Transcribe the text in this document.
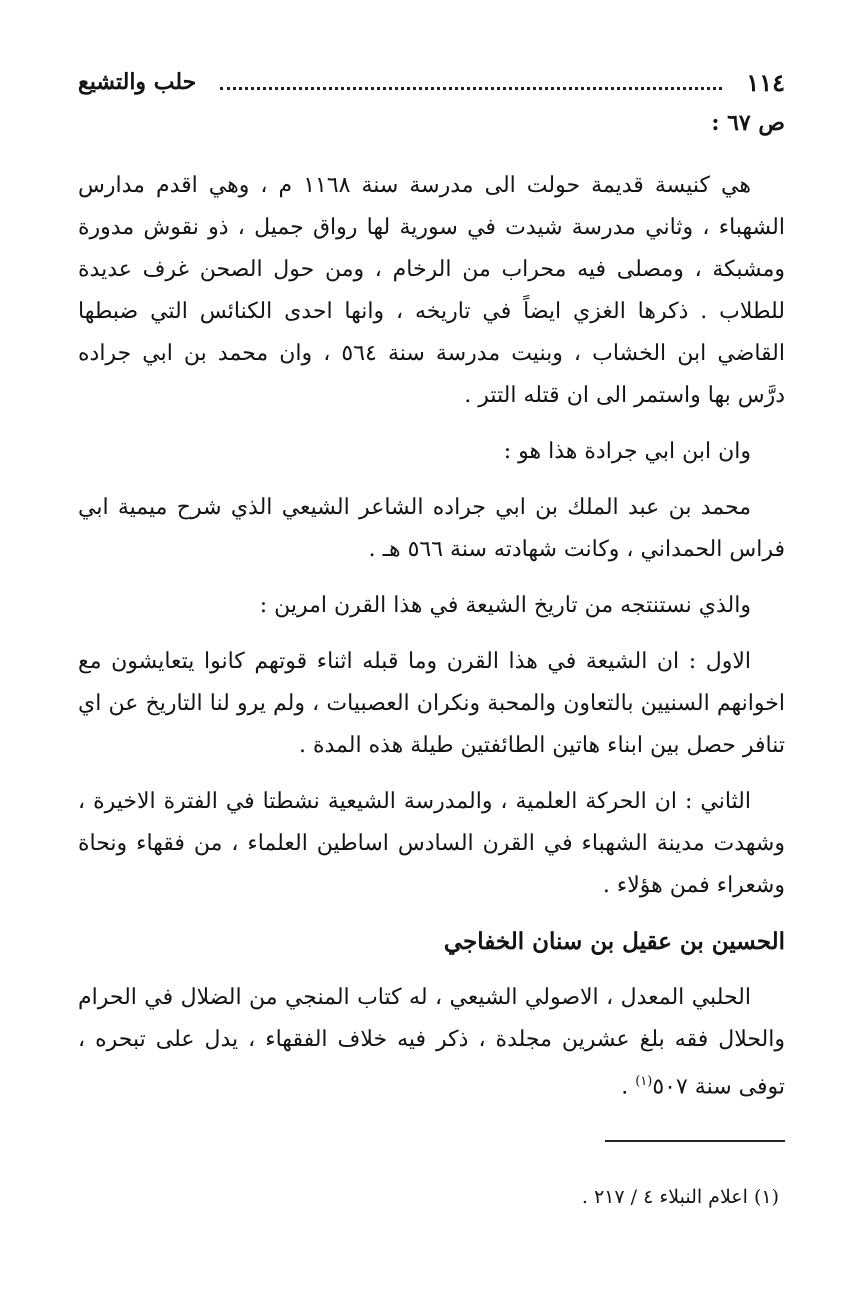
١١٤
حلب والتشيع
ص ٦٧ :

هي كنيسة قديمة حولت الى مدرسة سنة ١١٦٨ م ، وهي اقدم مدارس الشهباء ، وثاني مدرسة شيدت في سورية لها رواق جميل ، ذو نقوش مدورة ومشبكة ، ومصلى فيه محراب من الرخام ، ومن حول الصحن غرف عديدة للطلاب . ذكرها الغزي ايضاً في تاريخه ، وانها احدى الكنائس التي ضبطها القاضي ابن الخشاب ، وبنيت مدرسة سنة ٥٦٤ ، وان محمد بن ابي جراده درَّس بها واستمر الى ان قتله التتر .

وان ابن ابي جرادة هذا هو :

محمد بن عبد الملك بن ابي جراده الشاعر الشيعي الذي شرح ميمية ابي فراس الحمداني ، وكانت شهادته سنة ٥٦٦ هـ .

والذي نستنتجه من تاريخ الشيعة في هذا القرن امرين :

الاول : ان الشيعة في هذا القرن وما قبله اثناء قوتهم كانوا يتعايشون مع اخوانهم السنيين بالتعاون والمحبة ونكران العصبيات ، ولم يرو لنا التاريخ عن اي تنافر حصل بين ابناء هاتين الطائفتين طيلة هذه المدة .

الثاني : ان الحركة العلمية ، والمدرسة الشيعية نشطتا في الفترة الاخيرة ، وشهدت مدينة الشهباء في القرن السادس اساطين العلماء ، من فقهاء ونحاة وشعراء فمن هؤلاء .

الحسين بن عقيل بن سنان الخفاجي

الحلبي المعدل ، الاصولي الشيعي ، له كتاب المنجي من الضلال في الحرام والحلال فقه بلغ عشرين مجلدة ، ذكر فيه خلاف الفقهاء ، يدل على تبحره ، توفى سنة ٥٠٧$^{(١)}$ .

(١) اعلام النبلاء ٤ / ٢١٧ .
